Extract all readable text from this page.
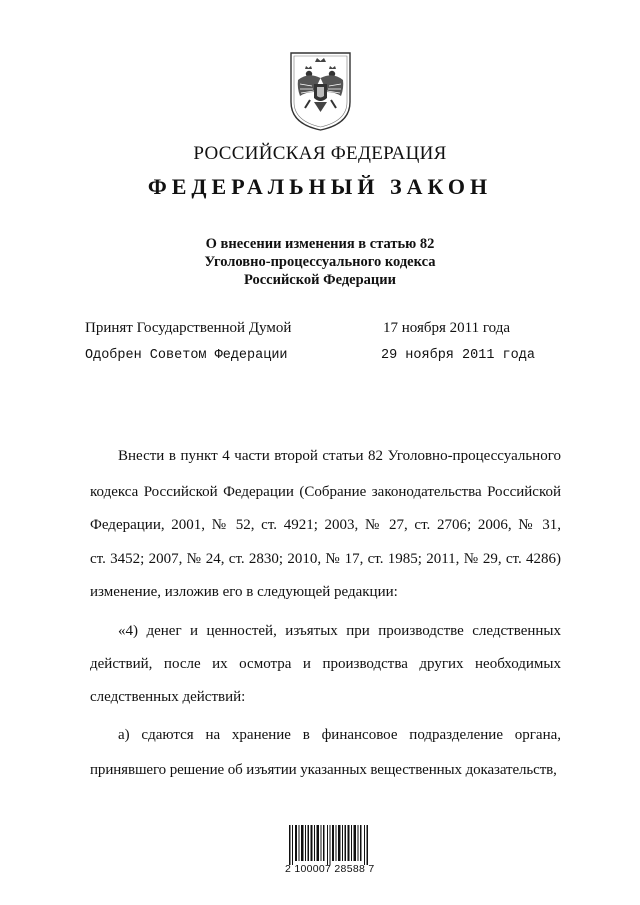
РОССИЙСКАЯ ФЕДЕРАЦИЯ
ФЕДЕРАЛЬНЫЙ ЗАКОН
О внесении изменения в статью 82
Уголовно-процессуального кодекса
Российской Федерации
Принят Государственной Думой	17 ноября 2011 года
Одобрен Советом Федерации	29 ноября 2011 года
Внести в пункт 4 части второй статьи 82 Уголовно-процессуального
кодекса Российской Федерации (Собрание законодательства Российской
Федерации, 2001, № 52, ст. 4921; 2003, № 27, ст. 2706; 2006, № 31,
ст. 3452; 2007, № 24, ст. 2830; 2010, № 17, ст. 1985; 2011, № 29, ст. 4286)
изменение, изложив его в следующей редакции:
«4) денег и ценностей, изъятых при производстве следственных
действий, после их осмотра и производства других необходимых
следственных действий:
а) сдаются на хранение в финансовое подразделение органа,
принявшего решение об изъятии указанных вещественных доказательств,
2 100007 28588 7
